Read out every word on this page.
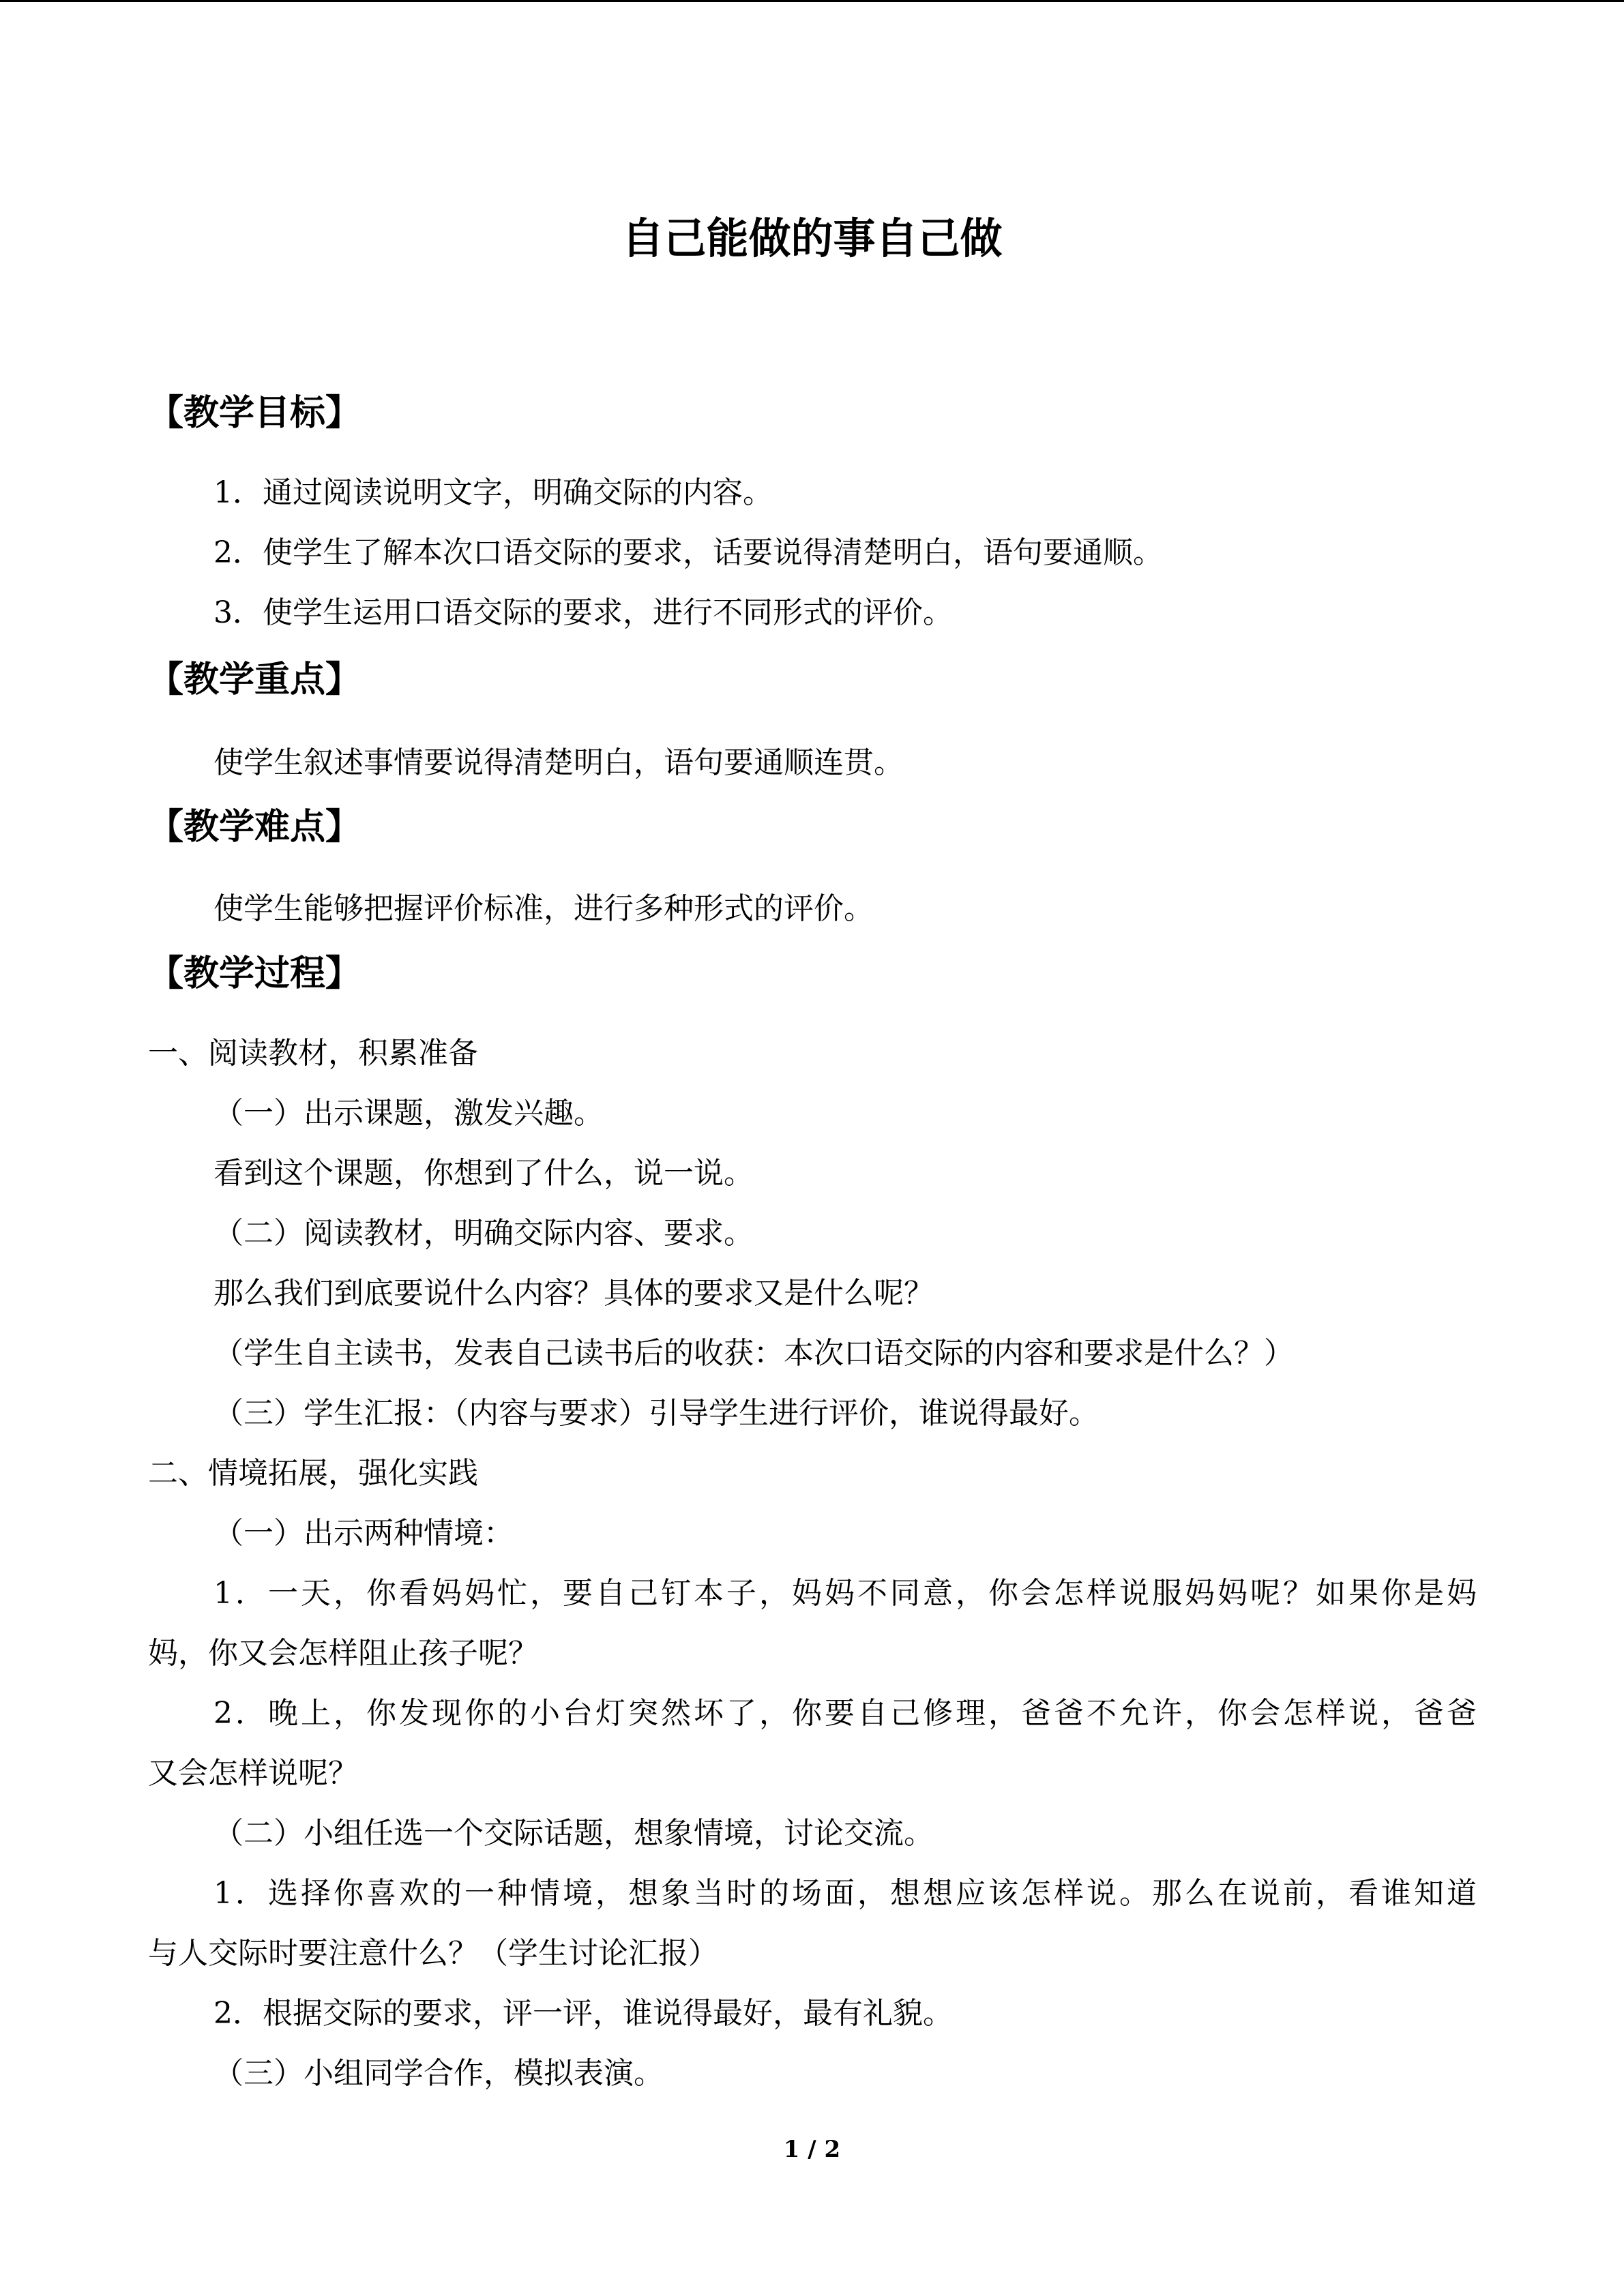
自己能做的事自己做
【教学目标】
1．通过阅读说明文字，明确交际的内容。
2．使学生了解本次口语交际的要求，话要说得清楚明白，语句要通顺。
3．使学生运用口语交际的要求，进行不同形式的评价。
【教学重点】
使学生叙述事情要说得清楚明白，语句要通顺连贯。
【教学难点】
使学生能够把握评价标准，进行多种形式的评价。
【教学过程】
一、阅读教材，积累准备
（一）出示课题，激发兴趣。
看到这个课题，你想到了什么，说一说。
（二）阅读教材，明确交际内容、要求。
那么我们到底要说什么内容？具体的要求又是什么呢？
（学生自主读书，发表自己读书后的收获：本次口语交际的内容和要求是什么？）
（三）学生汇报：（内容与要求）引导学生进行评价，谁说得最好。
二、情境拓展，强化实践
（一）出示两种情境：
1．一天，你看妈妈忙，要自己钉本子，妈妈不同意，你会怎样说服妈妈呢？如果你是妈
妈，你又会怎样阻止孩子呢？
2．晚上，你发现你的小台灯突然坏了，你要自己修理，爸爸不允许，你会怎样说，爸爸
又会怎样说呢？
（二）小组任选一个交际话题，想象情境，讨论交流。
1．选择你喜欢的一种情境，想象当时的场面，想想应该怎样说。那么在说前，看谁知道
与人交际时要注意什么？（学生讨论汇报）
2．根据交际的要求，评一评，谁说得最好，最有礼貌。
（三）小组同学合作，模拟表演。
1 / 2
